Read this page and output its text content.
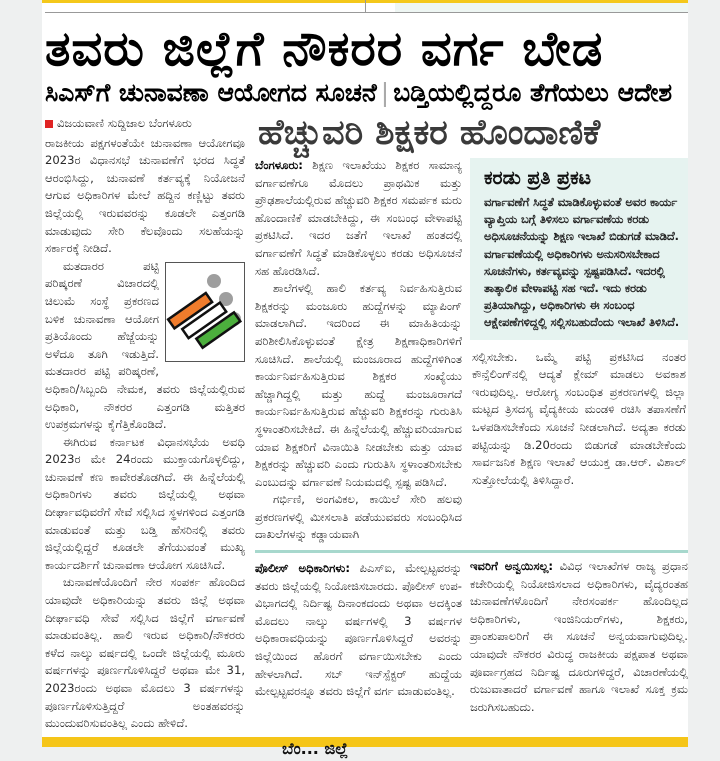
ತವರು ಜಿಲ್ಲೆಗೆ ನೌಕರರ ವರ್ಗ ಬೇಡ
ಸಿಎಸ್‌ಗೆ ಚುನಾವಣಾ ಆಯೋಗದ ಸೂಚನೆ | ಬಡ್ತಿಯಲ್ಲಿದ್ದರೂ ತೆಗೆಯಲು ಆದೇಶ
ವಿಜಯವಾಣಿ ಸುದ್ದಿಜಾಲ ಬೆಂಗಳೂರು

ರಾಜಕೀಯ ಪಕ್ಷಗಳಂತೆಯೇ ಚುನಾವಣಾ ಆಯೋಗವೂ 2023ರ ವಿಧಾನಸಭೆ ಚುನಾವಣೆಗೆ ಭರದ ಸಿದ್ಧತೆ ಆರಂಭಿಸಿದ್ದು, ಚುನಾವಣೆ ಕರ್ತವ್ಯಕ್ಕೆ ನಿಯೋಜನೆ ಆಗುವ ಅಧಿಕಾರಿಗಳ ಮೇಲೆ ಹದ್ದಿನ ಕಣ್ಣಿಟ್ಟು ತವರು ಜಿಲ್ಲೆಯಲ್ಲಿ ಇರುವವರನ್ನು ಕೂಡಲೇ ಎತ್ತಂಗಡಿ ಮಾಡುವುದು ಸೇರಿ ಕೆಲವೊಂದು ಸಲಹೆಯನ್ನು ಸರ್ಕಾರಕ್ಕೆ ನೀಡಿದೆ.

ಮತದಾರರ ಪಟ್ಟಿ ಪರಿಷ್ಕರಣೆ ವಿಚಾರದಲ್ಲಿ ಚಿಲುಮೆ ಸಂಸ್ಥೆ ಪ್ರಕರಣದ ಬಳಿಕ ಚುನಾವಣಾ ಆಯೋಗ ಪ್ರತಿಯೊಂದು ಹೆಜ್ಜೆಯನ್ನು ಅಳೆದೂ ತೂಗಿ ಇಡುತ್ತಿದೆ. ಮತದಾರರ ಪಟ್ಟಿ ಪರಿಷ್ಕರಣೆ, ಅಧಿಕಾರಿ/ಸಿಬ್ಬಂದಿ ನೇಮಕ, ತವರು ಜಿಲ್ಲೆಯಲ್ಲಿರುವ ಅಧಿಕಾರಿ, ನೌಕರರ ಎತ್ತಂಗಡಿ ಮತ್ತಿತರ ಉಪಕ್ರಮಗಳನ್ನು ಕೈಗೆತ್ತಿಕೊಂಡಿದೆ.

ಈಗಿರುವ ಕರ್ನಾಟಕ ವಿಧಾನಸಭೆಯ ಅವಧಿ 2023ರ ಮೇ 24ರಂದು ಮುಕ್ತಾಯಗೊಳ್ಳಲಿದ್ದು, ಚುನಾವಣೆ ಕಣ ಕಾವೇರತೊಡಗಿದೆ. ಈ ಹಿನ್ನೆಲೆಯಲ್ಲಿ ಅಧಿಕಾರಿಗಳು ತವರು ಜಿಲ್ಲೆಯಲ್ಲಿ ಅಥವಾ ದೀರ್ಘಾವಧಿವರೆಗೆ ಸೇವೆ ಸಲ್ಲಿಸಿದ ಸ್ಥಳಗಳಿಂದ ಎತ್ತಂಗಡಿ ಮಾಡುವಂತೆ ಮತ್ತು ಬಡ್ತಿ ಹೆಸರಿನಲ್ಲಿ ತವರು ಜಿಲ್ಲೆಯಲ್ಲಿದ್ದರೆ ಕೂಡಲೇ ತೆಗೆಯುವಂತೆ ಮುಖ್ಯ ಕಾರ್ಯದರ್ಶಿಗೆ ಚುನಾವಣಾ ಆಯೋಗ ಸೂಚಿಸಿದೆ.

ಚುನಾವಣೆಯೊಂದಿಗೆ ನೇರ ಸಂಪರ್ಕ ಹೊಂದಿದ ಯಾವುದೇ ಅಧಿಕಾರಿಯನ್ನು ತವರು ಜಿಲ್ಲೆ ಅಥವಾ ದೀರ್ಘಾವಧಿ ಸೇವೆ ಸಲ್ಲಿಸಿದ ಜಿಲ್ಲೆಗೆ ವರ್ಗಾವಣೆ ಮಾಡುವಂತಿಲ್ಲ. ಹಾಲಿ ಇರುವ ಅಧಿಕಾರಿ/ನೌಕರರು ಕಳೆದ ನಾಲ್ಕು ವರ್ಷದಲ್ಲಿ ಒಂದೇ ಜಿಲ್ಲೆಯಲ್ಲಿ ಮೂರು ವರ್ಷಗಳನ್ನು ಪೂರ್ಣಗೊಳಿಸಿದ್ದರೆ ಅಥವಾ ಮೇ 31, 2023ರಂದು ಅಥವಾ ಮೊದಲು 3 ವರ್ಷಗಳನ್ನು ಪೂರ್ಣಗೊಳಿಸುತ್ತಿದ್ದರೆ ಅಂತಹವರನ್ನು ಮುಂದುವರಿಸುವಂತಿಲ್ಲ ಎಂದು ಹೇಳಿದೆ.

ಹೆಚ್ಚುವರಿ ಶಿಕ್ಷಕರ ಹೊಂದಾಣಿಕೆ

ಬೆಂಗಳೂರು: ಶಿಕ್ಷಣ ಇಲಾಖೆಯು ಶಿಕ್ಷಕರ ಸಾಮಾನ್ಯ ವರ್ಗಾವಣೆಗೂ ಮೊದಲು ಪ್ರಾಥಮಿಕ ಮತ್ತು ಪ್ರೌಢಶಾಲೆಯಲ್ಲಿರುವ ಹೆಚ್ಚುವರಿ ಶಿಕ್ಷಕರ ಸಮರ್ಪಕ ಮರು ಹೊಂದಾಣಿಕೆ ಮಾಡಬೇಕಿದ್ದು, ಈ ಸಂಬಂಧ ವೇಳಾಪಟ್ಟಿ ಪ್ರಕಟಿಸಿದೆ. ಇದರ ಜತೆಗೆ ಇಲಾಖೆ ಹಂತದಲ್ಲಿ ವರ್ಗಾವಣೆಗೆ ಸಿದ್ಧತೆ ಮಾಡಿಕೊಳ್ಳಲು ಕರಡು ಅಧಿಸೂಚನೆ ಸಹ ಹೊರಡಿಸಿದೆ.

ಶಾಲೆಗಳಲ್ಲಿ ಹಾಲಿ ಕರ್ತವ್ಯ ನಿರ್ವಹಿಸುತ್ತಿರುವ ಶಿಕ್ಷಕರನ್ನು ಮಂಜೂರು ಹುದ್ದೆಗಳನ್ನು ಮ್ಯಾಪಿಂಗ್ ಮಾಡಲಾಗಿದೆ. ಇದರಿಂದ ಈ ಮಾಹಿತಿಯನ್ನು ಪರಿಶೀಲಿಸಿಕೊಳ್ಳುವಂತೆ ಕ್ಷೇತ್ರ ಶಿಕ್ಷಣಾಧಿಕಾರಿಗಳಿಗೆ ಸೂಚಿಸಿದೆ. ಶಾಲೆಯಲ್ಲಿ ಮಂಜೂರಾದ ಹುದ್ದೆಗಳಿಗಿಂತ ಕಾರ್ಯನಿರ್ವಹಿಸುತ್ತಿರುವ ಶಿಕ್ಷಕರ ಸಂಖ್ಯೆಯು ಹೆಚ್ಚಾಗಿದ್ದಲ್ಲಿ ಮತ್ತು ಹುದ್ದೆ ಮಂಜೂರಾಗದೆ ಕಾರ್ಯನಿರ್ವಹಿಸುತ್ತಿರುವ ಹೆಚ್ಚುವರಿ ಶಿಕ್ಷಕರನ್ನು ಗುರುತಿಸಿ ಸ್ಥಳಾಂತರಿಸಬೇಕಿದೆ. ಈ ಹಿನ್ನೆಲೆಯಲ್ಲಿ ಹೆಚ್ಚುವರಿಯಾಗುವ ಯಾವ ಶಿಕ್ಷಕರಿಗೆ ವಿನಾಯಿತಿ ನೀಡಬೇಕು ಮತ್ತು ಯಾವ ಶಿಕ್ಷಕರನ್ನು ಹೆಚ್ಚುವರಿ ಎಂದು ಗುರುತಿಸಿ ಸ್ಥಳಾಂತರಿಸಬೇಕು ಎಂಬುದನ್ನು ವರ್ಗಾವಣೆ ನಿಯಮದಲ್ಲಿ ಸ್ಪಷ್ಟ ಪಡಿಸಿದೆ.

ಗರ್ಭಿಣಿ, ಅಂಗವಿಕಲ, ಕಾಯಿಲೆ ಸೇರಿ ಹಲವು ಪ್ರಕರಣಗಳಲ್ಲಿ ಮೀಸಲಾತಿ ಪಡೆಯುವವರು ಸಂಬಂಧಿಸಿದ ದಾಖಲೆಗಳನ್ನು ಕಡ್ಡಾಯವಾಗಿ

ಕರಡು ಪ್ರತಿ ಪ್ರಕಟ
ವರ್ಗಾವಣೆಗೆ ಸಿದ್ಧತೆ ಮಾಡಿಕೊಳ್ಳುವಂತೆ ಅವರ ಕಾರ್ಯ ವ್ಯಾಪ್ತಿಯ ಬಗ್ಗೆ ತಿಳಿಸಲು ವರ್ಗಾವಣೆಯ ಕರಡು ಅಧಿಸೂಚನೆಯನ್ನು ಶಿಕ್ಷಣ ಇಲಾಖೆ ಬಿಡುಗಡೆ ಮಾಡಿದೆ. ವರ್ಗಾವಣೆಯಲ್ಲಿ ಅಧಿಕಾರಿಗಳು ಅನುಸರಿಸಬೇಕಾದ ಸೂಚನೆಗಳು, ಕರ್ತವ್ಯವನ್ನು ಸ್ಪಷ್ಟಪಡಿಸಿದೆ. ಇದರಲ್ಲಿ ತಾತ್ಕಾಲಿಕ ವೇಳಾಪಟ್ಟಿ ಸಹ ಇದೆ. ಇದು ಕರಡು ಪ್ರತಿಯಾಗಿದ್ದು, ಅಧಿಕಾರಿಗಳು ಈ ಸಂಬಂಧ ಆಕ್ಷೇಪಣೆಗಳಿದ್ದಲ್ಲಿ ಸಲ್ಲಿಸಬಹುದೆಂದು ಇಲಾಖೆ ತಿಳಿಸಿದೆ.

ಸಲ್ಲಿಸಬೇಕು. ಒಮ್ಮೆ ಪಟ್ಟಿ ಪ್ರಕಟಿಸಿದ ನಂತರ ಕೌನ್ಸೆಲಿಂಗ್‌ನಲ್ಲಿ ಆದ್ಯತೆ ಕ್ಲೇಮ್ ಮಾಡಲು ಅವಕಾಶ ಇರುವುದಿಲ್ಲ. ಆರೋಗ್ಯ ಸಂಬಂಧಿತ ಪ್ರಕರಣಗಳಲ್ಲಿ ಜಿಲ್ಲಾ ಮಟ್ಟದ ತ್ರಿಸದಸ್ಯ ವೈದ್ಯಕೀಯ ಮಂಡಳಿ ರಚಿಸಿ ತಪಾಸಣೆಗೆ ಒಳಪಡಿಸಬೇಕೆಂದು ಸೂಚನೆ ನೀಡಲಾಗಿದೆ. ಅದ್ಯತಾ ಕರಡು ಪಟ್ಟಿಯನ್ನು ಡಿ.20ರಂದು ಬಿಡುಗಡೆ ಮಾಡಬೇಕೆಂದು ಸಾರ್ವಜನಿಕ ಶಿಕ್ಷಣ ಇಲಾಖೆ ಆಯುಕ್ತ ಡಾ.ಆರ್. ವಿಶಾಲ್ ಸುತ್ತೋಲೆಯಲ್ಲಿ ತಿಳಿಸಿದ್ದಾರೆ.

ಪೊಲೀಸ್ ಅಧಿಕಾರಿಗಳು: ಪಿಎಸ್‌ಐ, ಮೇಲ್ಪಟ್ಟವರನ್ನು ತವರು ಜಿಲ್ಲೆಯಲ್ಲಿ ನಿಯೋಜಿಸಬಾರದು. ಪೊಲೀಸ್ ಉಪ-ವಿಭಾಗದಲ್ಲಿ ನಿರ್ದಿಷ್ಟ ದಿನಾಂಕದಂದು ಅಥವಾ ಅದಕ್ಕಿಂತ ಮೊದಲು ನಾಲ್ಕು ವರ್ಷಗಳಲ್ಲಿ 3 ವರ್ಷಗಳ ಅಧಿಕಾರಾವಧಿಯನ್ನು ಪೂರ್ಣಗೊಳಿಸಿದ್ದರೆ ಅವರನ್ನು ಜಿಲ್ಲೆಯಿಂದ ಹೊರಗೆ ವರ್ಗಾಯಿಸಬೇಕು ಎಂದು ಹೇಳಲಾಗಿದೆ. ಸಬ್ ಇನ್‌ಸ್ಪೆಕ್ಟರ್ ಹುದ್ದೆಯ ಮೇಲ್ಪಟ್ಟವರನ್ನೂ ತವರು ಜಿಲ್ಲೆಗೆ ವರ್ಗ ಮಾಡುವಂತಿಲ್ಲ.

ಇವರಿಗೆ ಅನ್ವಯಿಸಲ್ಲ: ವಿವಿಧ ಇಲಾಖೆಗಳ ರಾಜ್ಯ ಪ್ರಧಾನ ಕಚೇರಿಯಲ್ಲಿ ನಿಯೋಜಿಸಲಾದ ಅಧಿಕಾರಿಗಳು, ವೈದ್ಯರಂತಹ ಚುನಾವಣೆಗಳೊಂದಿಗೆ ನೇರಸಂಪರ್ಕ ಹೊಂದಿಲ್ಲದ ಅಧಿಕಾರಿಗಳು, ಇಂಜಿನಿಯರ್‌ಗಳು, ಶಿಕ್ಷಕರು, ಪ್ರಾಂಶುಪಾಲರಿಗೆ ಈ ಸೂಚನೆ ಅನ್ವಯವಾಗುವುದಿಲ್ಲ. ಯಾವುದೇ ನೌಕರರ ವಿರುದ್ಧ ರಾಜಕೀಯ ಪಕ್ಷಪಾತ ಅಥವಾ ಪೂರ್ವಾಗ್ರಹದ ನಿರ್ದಿಷ್ಟ ದೂರುಗಳಿದ್ದರೆ, ವಿಚಾರಣೆಯಲ್ಲಿ ರುಜುವಾತಾದರೆ ವರ್ಗಾವಣೆ ಹಾಗೂ ಇಲಾಖೆ ಸೂಕ್ತ ಕ್ರಮ ಜರುಗಿಸಬಹುದು.

ಬೆಂ... ಜಿಲ್ಲೆ
